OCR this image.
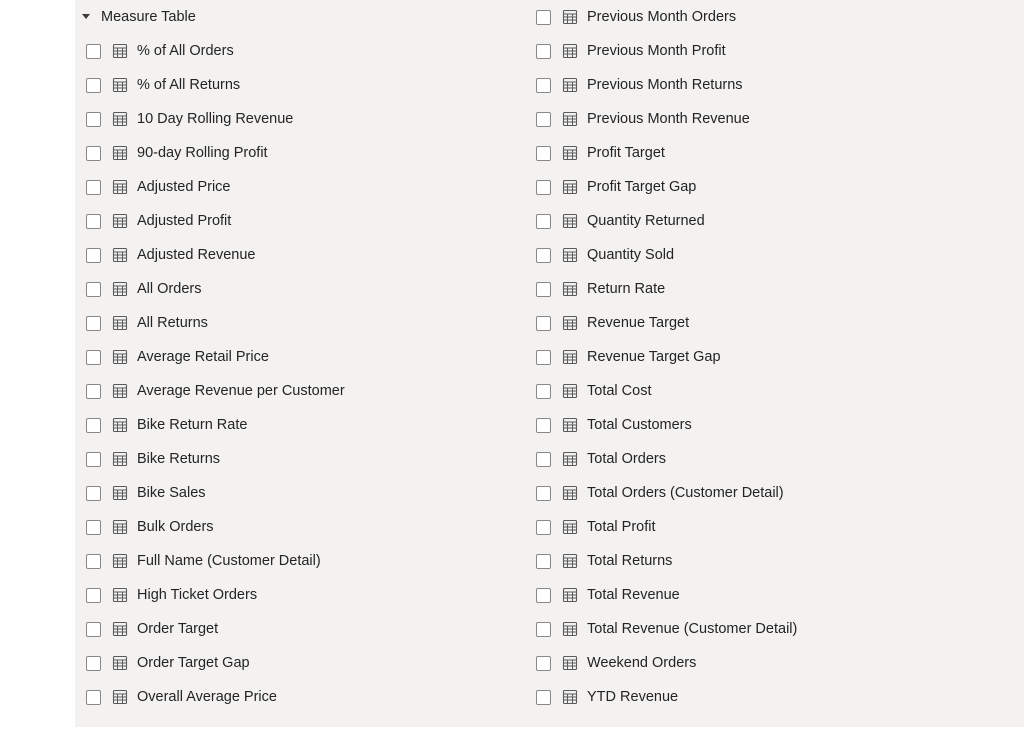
Measure Table
% of All Orders
% of All Returns
10 Day Rolling Revenue
90-day Rolling Profit
Adjusted Price
Adjusted Profit
Adjusted Revenue
All Orders
All Returns
Average Retail Price
Average Revenue per Customer
Bike Return Rate
Bike Returns
Bike Sales
Bulk Orders
Full Name (Customer Detail)
High Ticket Orders
Order Target
Order Target Gap
Overall Average Price
Previous Month Orders
Previous Month Profit
Previous Month Returns
Previous Month Revenue
Profit Target
Profit Target Gap
Quantity Returned
Quantity Sold
Return Rate
Revenue Target
Revenue Target Gap
Total Cost
Total Customers
Total Orders
Total Orders (Customer Detail)
Total Profit
Total Returns
Total Revenue
Total Revenue (Customer Detail)
Weekend Orders
YTD Revenue
